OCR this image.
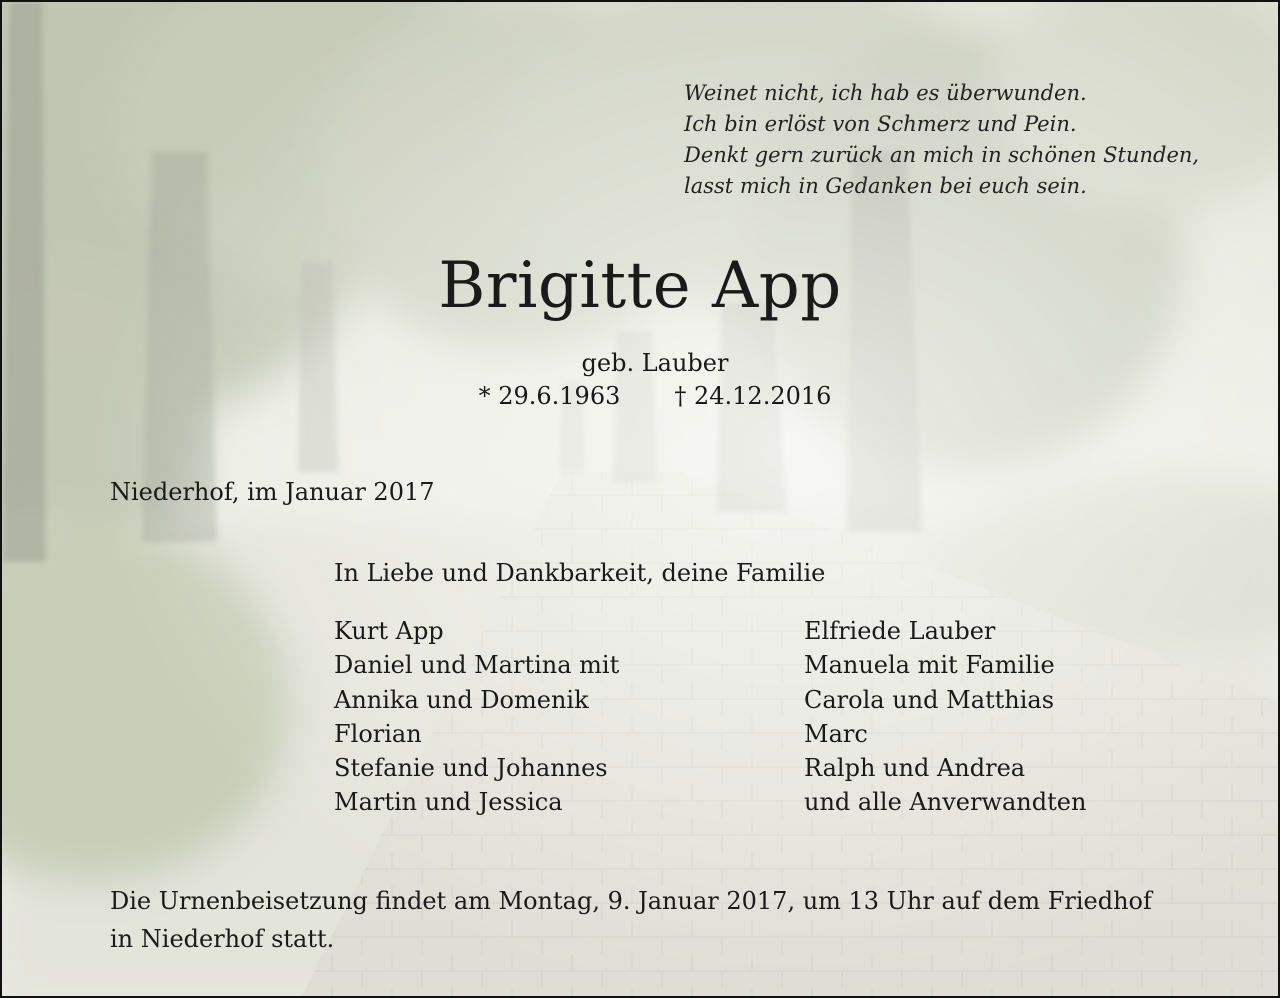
Weinet nicht, ich hab es überwunden.
Ich bin erlöst von Schmerz und Pein.
Denkt gern zurück an mich in schönen Stunden,
lasst mich in Gedanken bei euch sein.
Brigitte App
geb. Lauber
* 29.6.1963 † 24.12.2016
Niederhof, im Januar 2017
In Liebe und Dankbarkeit, deine Familie
Kurt App
Daniel und Martina mit
Annika und Domenik
Florian
Stefanie und Johannes
Martin und Jessica
Elfriede Lauber
Manuela mit Familie
Carola und Matthias
Marc
Ralph und Andrea
und alle Anverwandten
Die Urnenbeisetzung findet am Montag, 9. Januar 2017, um 13 Uhr auf dem Friedhof
in Niederhof statt.
